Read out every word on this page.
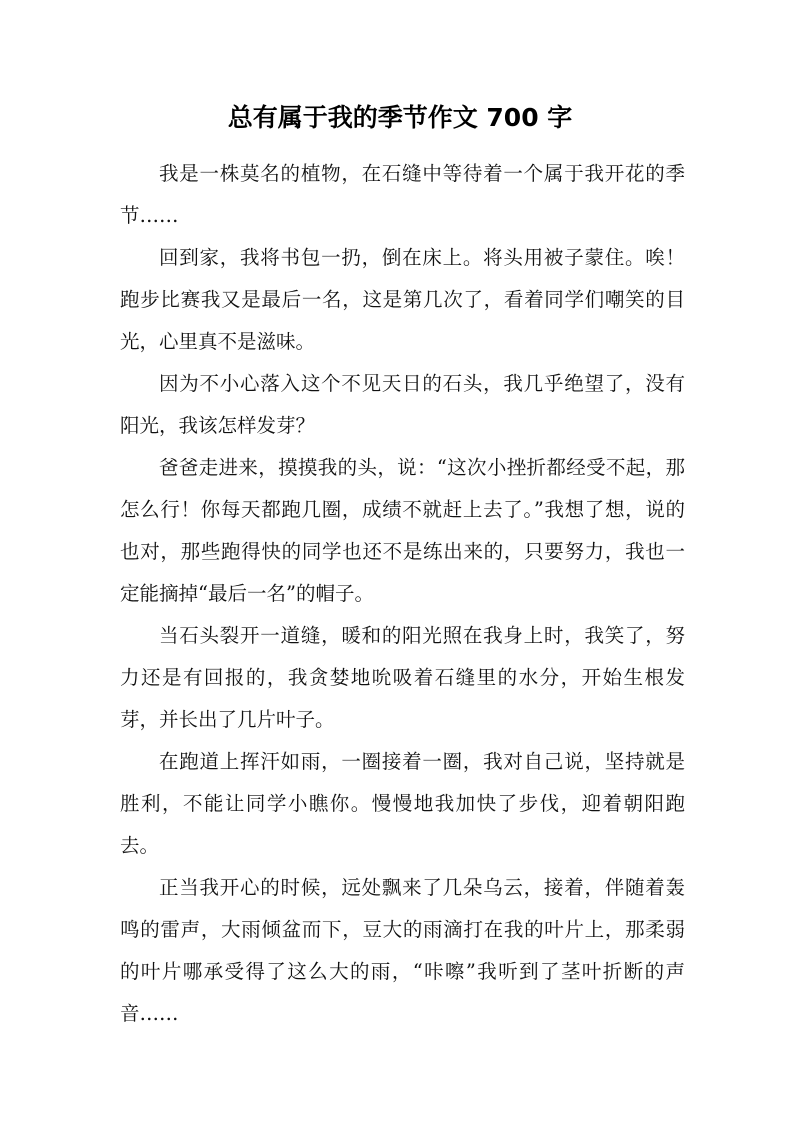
总有属于我的季节作文 700 字

我是一株莫名的植物，在石缝中等待着一个属于我开花的季节……

回到家，我将书包一扔，倒在床上。将头用被子蒙住。唉！跑步比赛我又是最后一名，这是第几次了，看着同学们嘲笑的目光，心里真不是滋味。

因为不小心落入这个不见天日的石头，我几乎绝望了，没有阳光，我该怎样发芽？

爸爸走进来，摸摸我的头，说：“这次小挫折都经受不起，那怎么行！你每天都跑几圈，成绩不就赶上去了。”我想了想，说的也对，那些跑得快的同学也还不是练出来的，只要努力，我也一定能摘掉“最后一名”的帽子。

当石头裂开一道缝，暖和的阳光照在我身上时，我笑了，努力还是有回报的，我贪婪地吮吸着石缝里的水分，开始生根发芽，并长出了几片叶子。

在跑道上挥汗如雨，一圈接着一圈，我对自己说，坚持就是胜利，不能让同学小瞧你。慢慢地我加快了步伐，迎着朝阳跑去。

正当我开心的时候，远处飘来了几朵乌云，接着，伴随着轰鸣的雷声，大雨倾盆而下，豆大的雨滴打在我的叶片上，那柔弱的叶片哪承受得了这么大的雨，“咔嚓”我听到了茎叶折断的声音……
